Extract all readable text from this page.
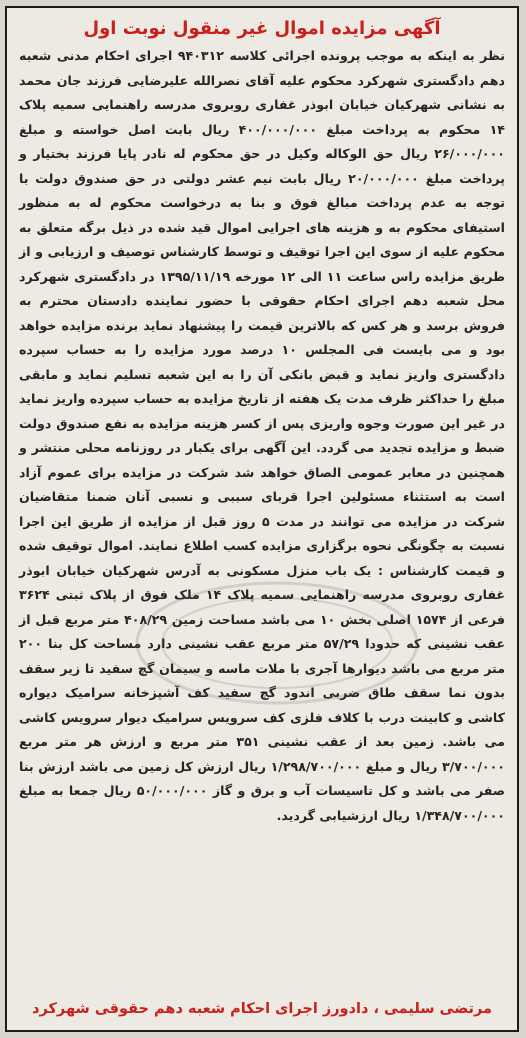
آگهی مزایده اموال غیر منقول نوبت اول
نظر به اینکه به موجب پرونده اجرائی کلاسه ۹۴۰۳۱۲ اجرای احکام مدنی شعبه دهم دادگستری شهرکرد محکوم علیه آقای نصرالله علیرضایی فرزند جان محمد به نشانی شهرکیان خیابان ابوذر غفاری روبروی مدرسه راهنمایی سمیه پلاک ۱۴ محکوم به پرداخت مبلغ ۴۰۰/۰۰۰/۰۰۰ ریال بابت اصل خواسته و مبلغ ۲۶/۰۰۰/۰۰۰ ریال حق الوکاله وکیل در حق محکوم له نادر پایا فرزند بختیار و پرداخت مبلغ ۲۰/۰۰۰/۰۰۰ ریال بابت نیم عشر دولتی در حق صندوق دولت با توجه به عدم پرداخت مبالغ فوق و بنا به درخواست محکوم له به منظور استیفای محکوم به و هزینه های اجرایی اموال قید شده در ذیل برگه متعلق به محکوم علیه از سوی این اجرا توقیف و توسط کارشناس توصیف و ارزیابی و از طریق مزایده راس ساعت ۱۱ الی ۱۲ مورخه ۱۳۹۵/۱۱/۱۹ در دادگستری شهرکرد محل شعبه دهم اجرای احکام حقوقی با حضور نماینده دادستان محترم به فروش برسد و هر کس که بالاترین قیمت را پیشنهاد نماید برنده مزایده خواهد بود و می بایست فی المجلس ۱۰ درصد مورد مزایده را به حساب سپرده دادگستری واریز نماید و قبض بانکی آن را به این شعبه تسلیم نماید و مابقی مبلغ را حداکثر ظرف مدت یک هفته از تاریخ مزایده به حساب سپرده واریز نماید در غیر این صورت وجوه واریزی پس از کسر هزینه مزایده به نفع صندوق دولت ضبط و مزایده تجدید می گردد. این آگهی برای یکبار در روزنامه محلی منتشر و همچنین در معابر عمومی الصاق خواهد شد شرکت در مزایده برای عموم آزاد است به استثناء مسئولین اجرا قربای سببی و نسبی آنان ضمنا متقاضیان شرکت در مزایده می توانند در مدت ۵ روز قبل از مزایده از طریق این اجرا نسبت به چگونگی نحوه برگزاری مزایده کسب اطلاع نمایند. اموال توقیف شده و قیمت کارشناس : یک باب منزل مسکونی به آدرس شهرکیان خیابان ابوذر غفاری روبروی مدرسه راهنمایی سمیه پلاک ۱۴ ملک فوق از پلاک ثبتی ۳۶۲۴ فرعی از ۱۵۷۴ اصلی بخش ۱۰ می باشد مساحت زمین ۴۰۸/۲۹ متر مربع قبل از عقب نشینی که حدودا ۵۷/۲۹ متر مربع عقب نشینی دارد مساحت کل بنا ۲۰۰ متر مربع می باشد دیوارها آجری با ملات ماسه و سیمان گچ سفید تا زیر سقف بدون نما سقف طاق ضربی اندود گچ سفید کف آشپزخانه سرامیک دیواره کاشی و کابینت درب با کلاف فلزی کف سرویس سرامیک دیوار سرویس کاشی می باشد. زمین بعد از عقب نشینی ۳۵۱ متر مربع و ارزش هر متر مربع ۳/۷۰۰/۰۰۰ ریال و مبلغ ۱/۲۹۸/۷۰۰/۰۰۰ ریال ارزش کل زمین می باشد ارزش بنا صفر می باشد و کل تاسیسات آب و برق و گاز ۵۰/۰۰۰/۰۰۰ ریال جمعا به مبلغ ۱/۳۴۸/۷۰۰/۰۰۰ ریال ارزشیابی گردید.
مرتضی سلیمی ، دادورز اجرای احکام شعبه دهم حقوقی شهرکرد
